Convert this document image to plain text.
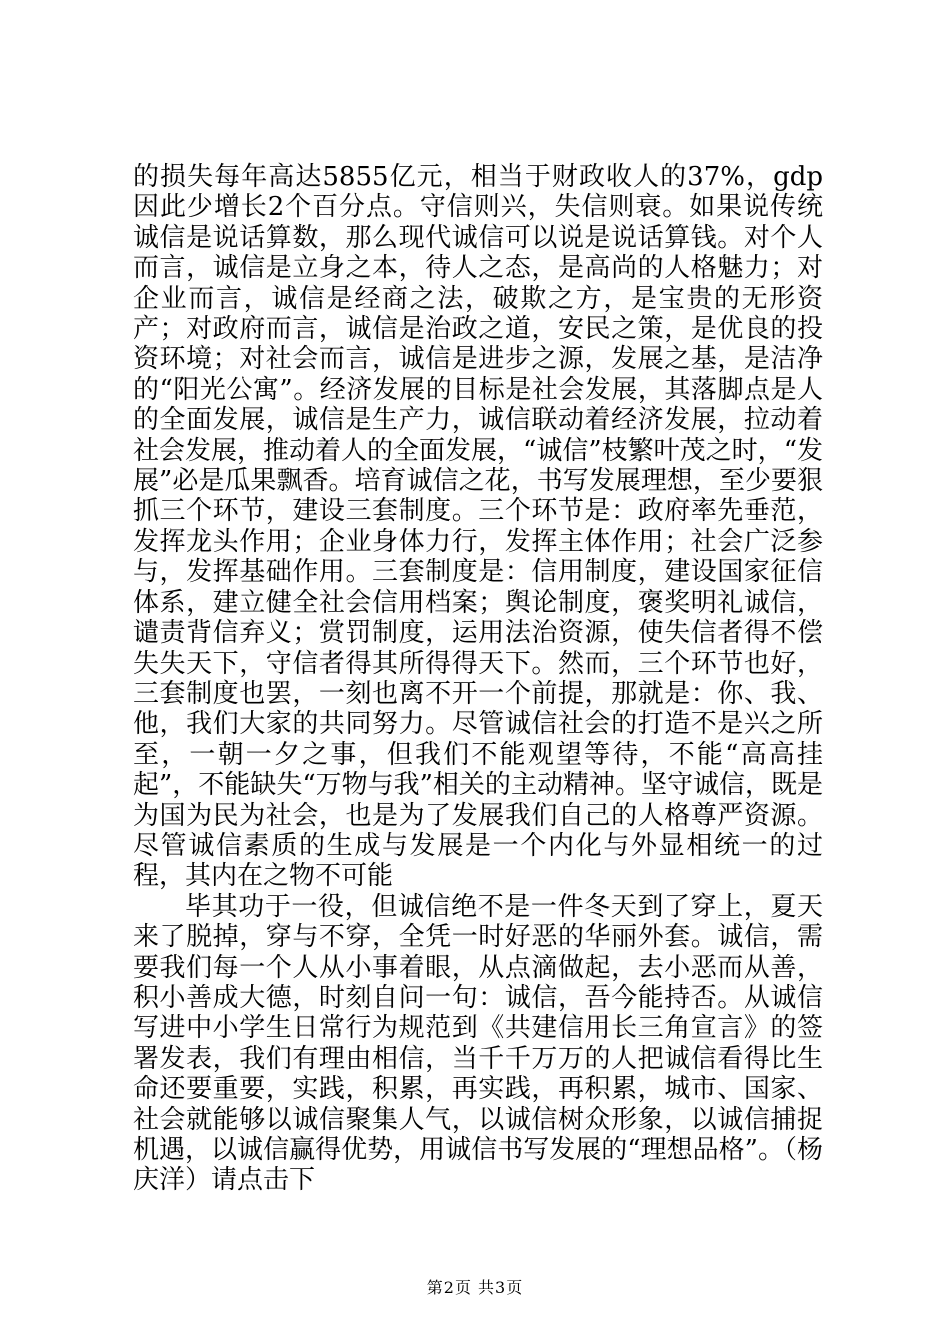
的损失每年高达5855亿元，相当于财政收人的37%，gdp因此少增长2个百分点。守信则兴，失信则衰。如果说传统诚信是说话算数，那么现代诚信可以说是说话算钱。对个人而言，诚信是立身之本，待人之态，是高尚的人格魅力；对企业而言，诚信是经商之法，破欺之方，是宝贵的无形资产；对政府而言，诚信是治政之道，安民之策，是优良的投资环境；对社会而言，诚信是进步之源，发展之基，是洁净的“阳光公寓”。经济发展的目标是社会发展，其落脚点是人的全面发展，诚信是生产力，诚信联动着经济发展，拉动着社会发展，推动着人的全面发展，“诚信”枝繁叶茂之时，“发展”必是瓜果飘香。培育诚信之花，书写发展理想，至少要狠抓三个环节，建设三套制度。三个环节是：政府率先垂范，发挥龙头作用；企业身体力行，发挥主体作用；社会广泛参与，发挥基础作用。三套制度是：信用制度，建设国家征信体系，建立健全社会信用档案；舆论制度，褒奖明礼诚信，谴责背信弃义；赏罚制度，运用法治资源，使失信者得不偿失失天下，守信者得其所得得天下。然而，三个环节也好，三套制度也罢，一刻也离不开一个前提，那就是：你、我、他，我们大家的共同努力。尽管诚信社会的打造不是兴之所至，一朝一夕之事，但我们不能观望等待，不能“高高挂起”，不能缺失“万物与我”相关的主动精神。坚守诚信，既是为国为民为社会，也是为了发展我们自己的人格尊严资源。尽管诚信素质的生成与发展是一个内化与外显相统一的过程，其内在之物不可能

毕其功于一役，但诚信绝不是一件冬天到了穿上，夏天来了脱掉，穿与不穿，全凭一时好恶的华丽外套。诚信，需要我们每一个人从小事着眼，从点滴做起，去小恶而从善，积小善成大德，时刻自问一句：诚信，吾今能持否。从诚信写进中小学生日常行为规范到《共建信用长三角宣言》的签署发表，我们有理由相信，当千千万万的人把诚信看得比生命还要重要，实践，积累，再实践，再积累，城市、国家、社会就能够以诚信聚集人气，以诚信树众形象，以诚信捕捉机遇，以诚信赢得优势，用诚信书写发展的“理想品格”。（杨庆洋）请点击下

第2页 共3页
